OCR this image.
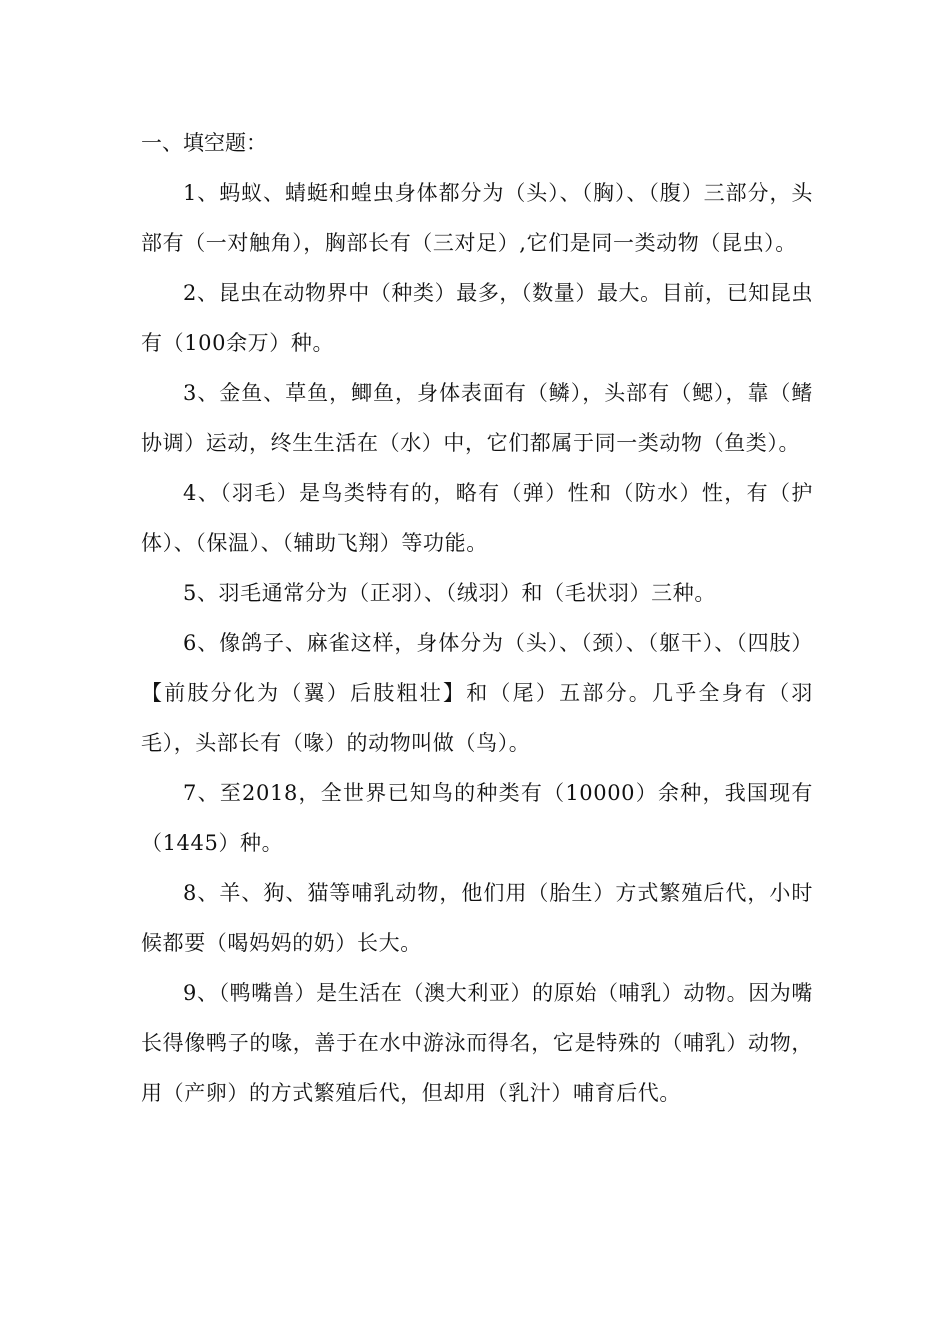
一、填空题：

1、蚂蚁、蜻蜓和蝗虫身体都分为（头）、（胸）、（腹）三部分，头部有（一对触角），胸部长有（三对足）,它们是同一类动物（昆虫）。

2、昆虫在动物界中（种类）最多，（数量）最大。目前，已知昆虫有（100余万）种。

3、金鱼、草鱼，鲫鱼，身体表面有（鳞），头部有（鳃），靠（鳍协调）运动，终生生活在（水）中，它们都属于同一类动物（鱼类）。

4、（羽毛）是鸟类特有的，略有（弹）性和（防水）性，有（护体）、（保温）、（辅助飞翔）等功能。

5、羽毛通常分为（正羽）、（绒羽）和（毛状羽）三种。

6、像鸽子、麻雀这样，身体分为（头）、（颈）、（躯干）、（四肢）【前肢分化为（翼）后肢粗壮】和（尾）五部分。几乎全身有（羽毛），头部长有（喙）的动物叫做（鸟）。

7、至2018，全世界已知鸟的种类有（10000）余种，我国现有（1445）种。

8、羊、狗、猫等哺乳动物，他们用（胎生）方式繁殖后代，小时候都要（喝妈妈的奶）长大。

9、（鸭嘴兽）是生活在（澳大利亚）的原始（哺乳）动物。因为嘴长得像鸭子的喙，善于在水中游泳而得名，它是特殊的（哺乳）动物，用（产卵）的方式繁殖后代，但却用（乳汁）哺育后代。
